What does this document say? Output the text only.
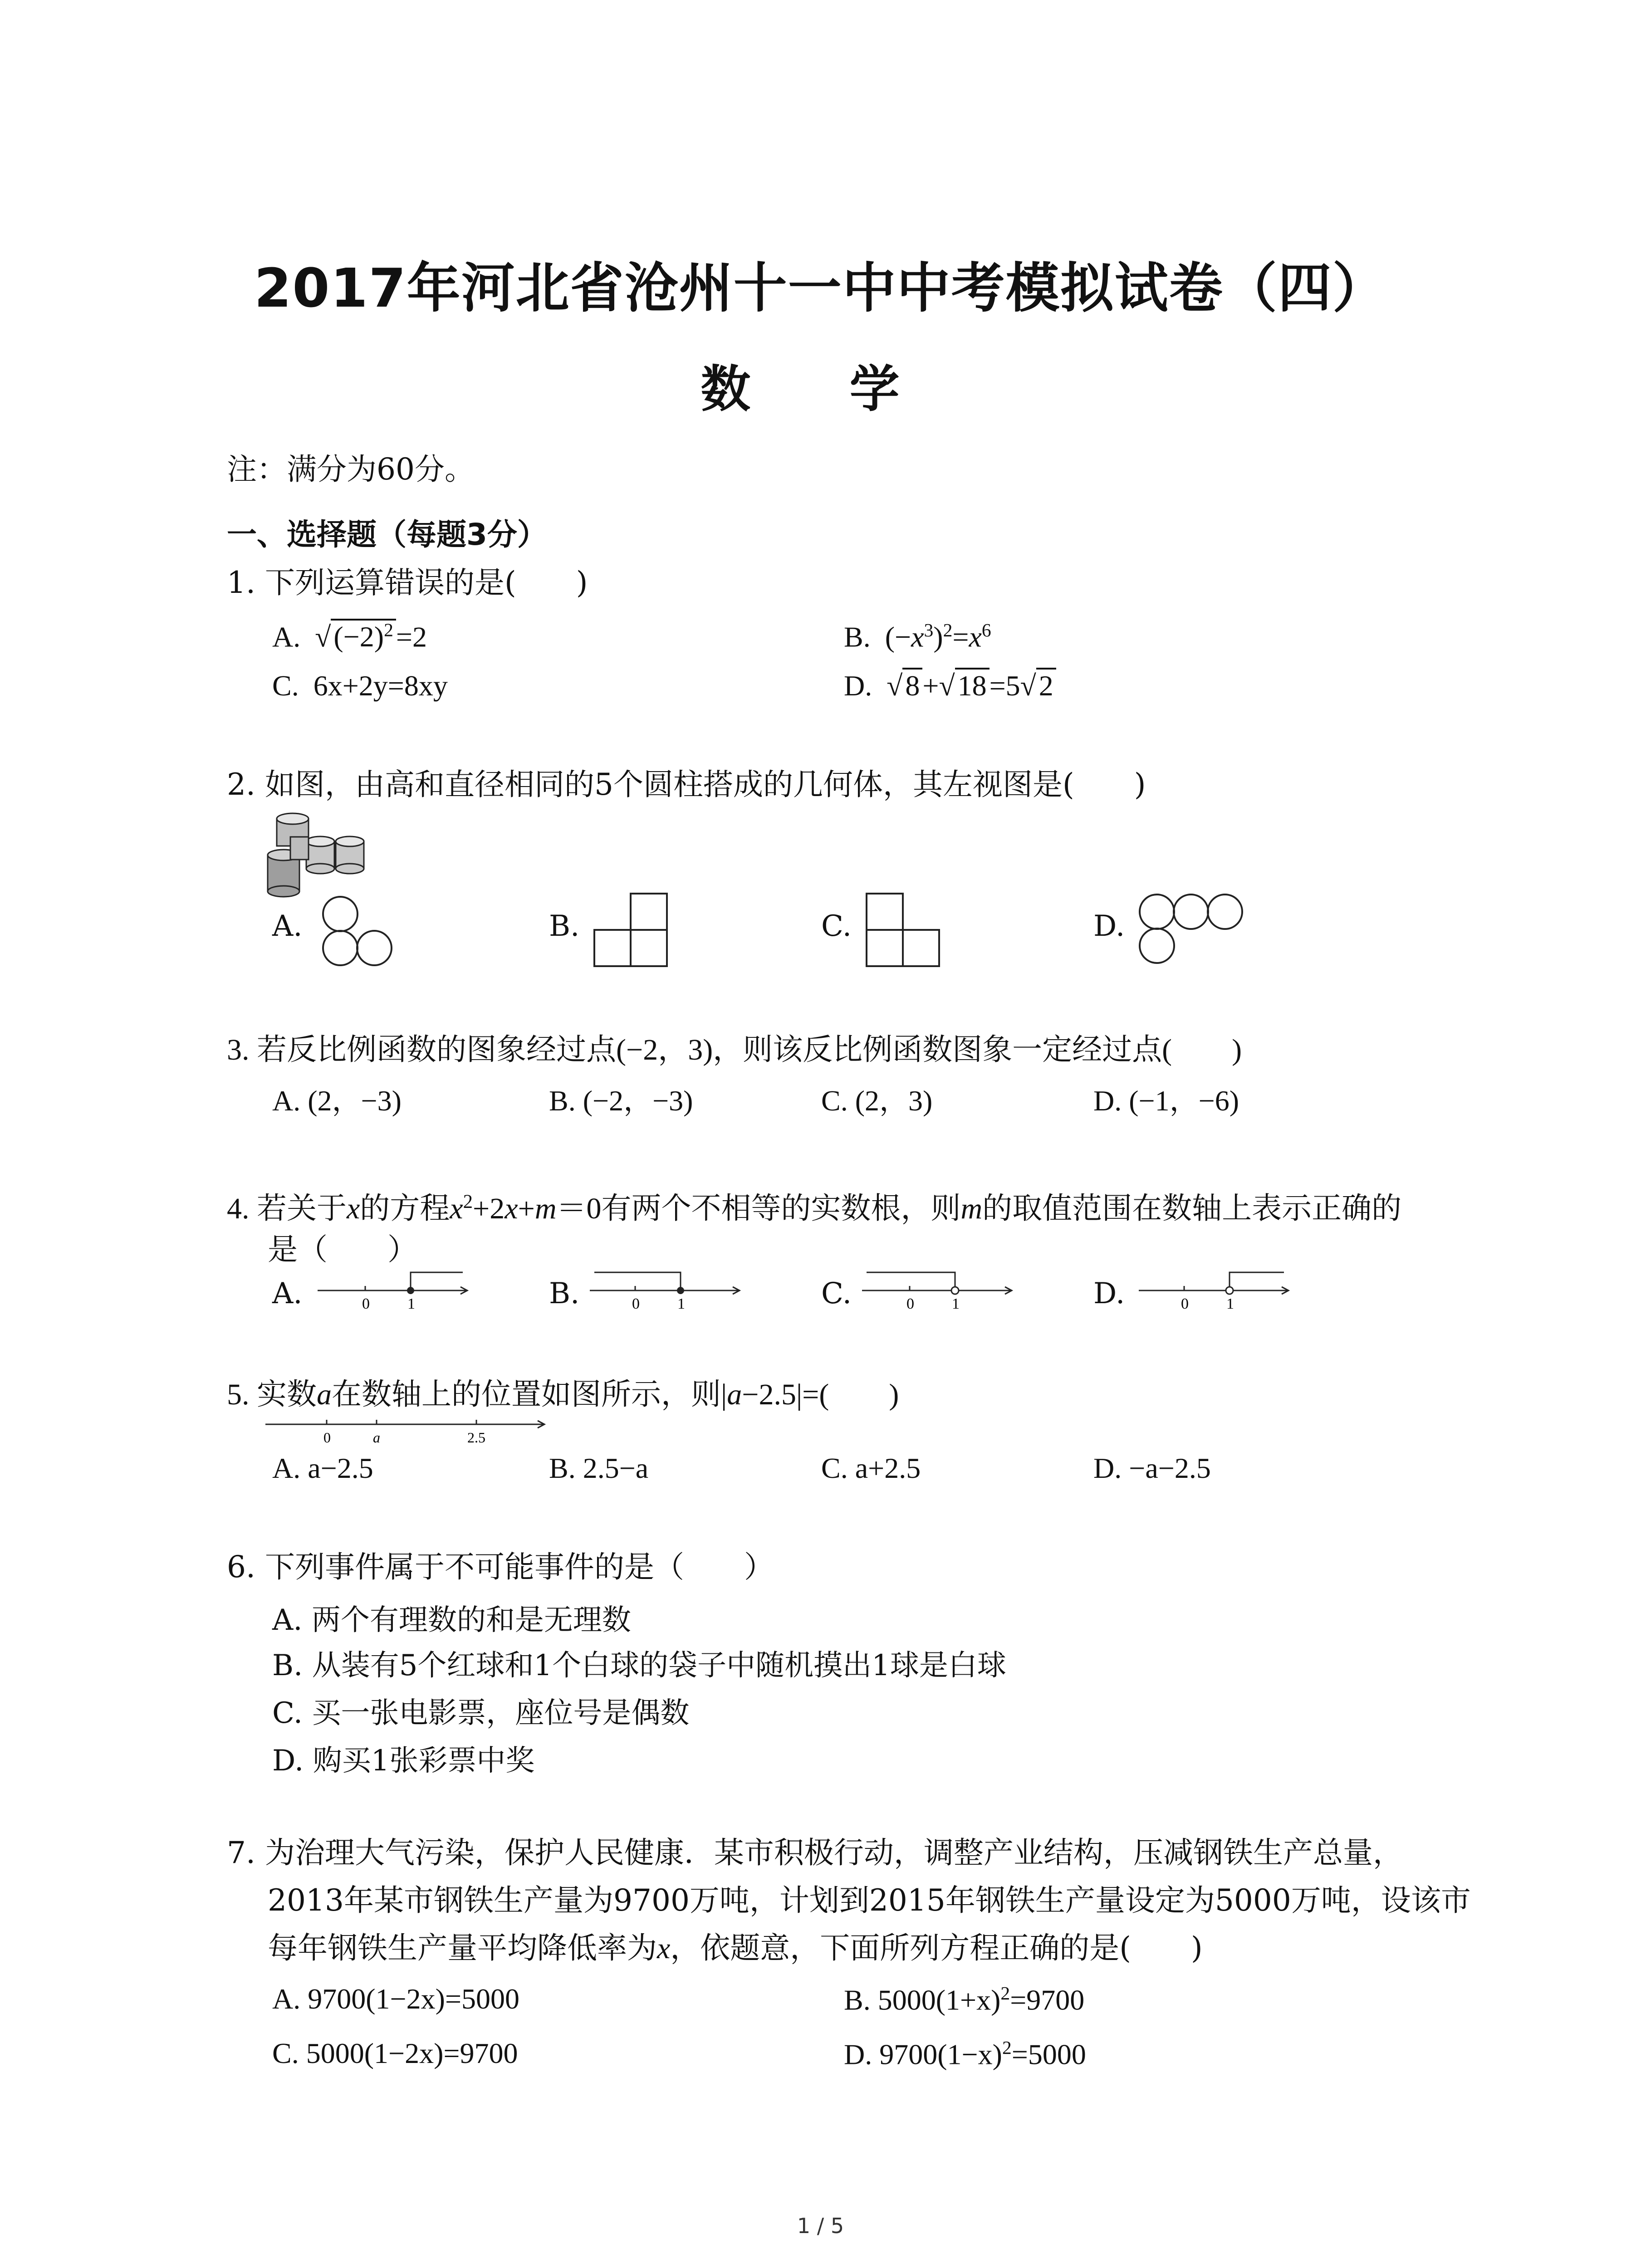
2017年河北省沧州十一中中考模拟试卷（四）
数 学
注：满分为60分。
一、选择题（每题3分）
1. 下列运算错误的是(　　)
A.  $√(-2)^2=2$	B. $(-x^3)^2=x^6$
C. 6x+2y=8xy	D.  √8+√18=5√2
2. 如图，由高和直径相同的5个圆柱搭成的几何体，其左视图是(　　)
A.	B.	C.	D.
3. 若反比例函数的图象经过点(−2，3)，则该反比例函数图象一定经过点(　　)
A. (2，−3)	B. (−2，−3)	C. (2，3)	D. (−1，−6)
4. 若关于x的方程$x^2+2x+m=0$有两个不相等的实数根，则m的取值范围在数轴上表示正确的
是（　　）
A.	0 1	B.	0 1	C.	0 1	D.	0 1
5. 实数a在数轴上的位置如图所示，则|a−2.5|=(　　)
0	a	2.5
A. a−2.5	B. 2.5−a	C. a+2.5	D. −a−2.5
6. 下列事件属于不可能事件的是（　　）
A. 两个有理数的和是无理数
B. 从装有5个红球和1个白球的袋子中随机摸出1球是白球
C. 买一张电影票，座位号是偶数
D. 购买1张彩票中奖
7. 为治理大气污染，保护人民健康．某市积极行动，调整产业结构，压减钢铁生产总量，
2013年某市钢铁生产量为9700万吨，计划到2015年钢铁生产量设定为5000万吨，设该市
每年钢铁生产量平均降低率为x，依题意，下面所列方程正确的是(　　)
A. 9700(1−2x)=5000	B. $5000(1+x)^2=9700$
C. 5000(1−2x)=9700	D. $9700(1-x)^2=5000$
1 / 5
